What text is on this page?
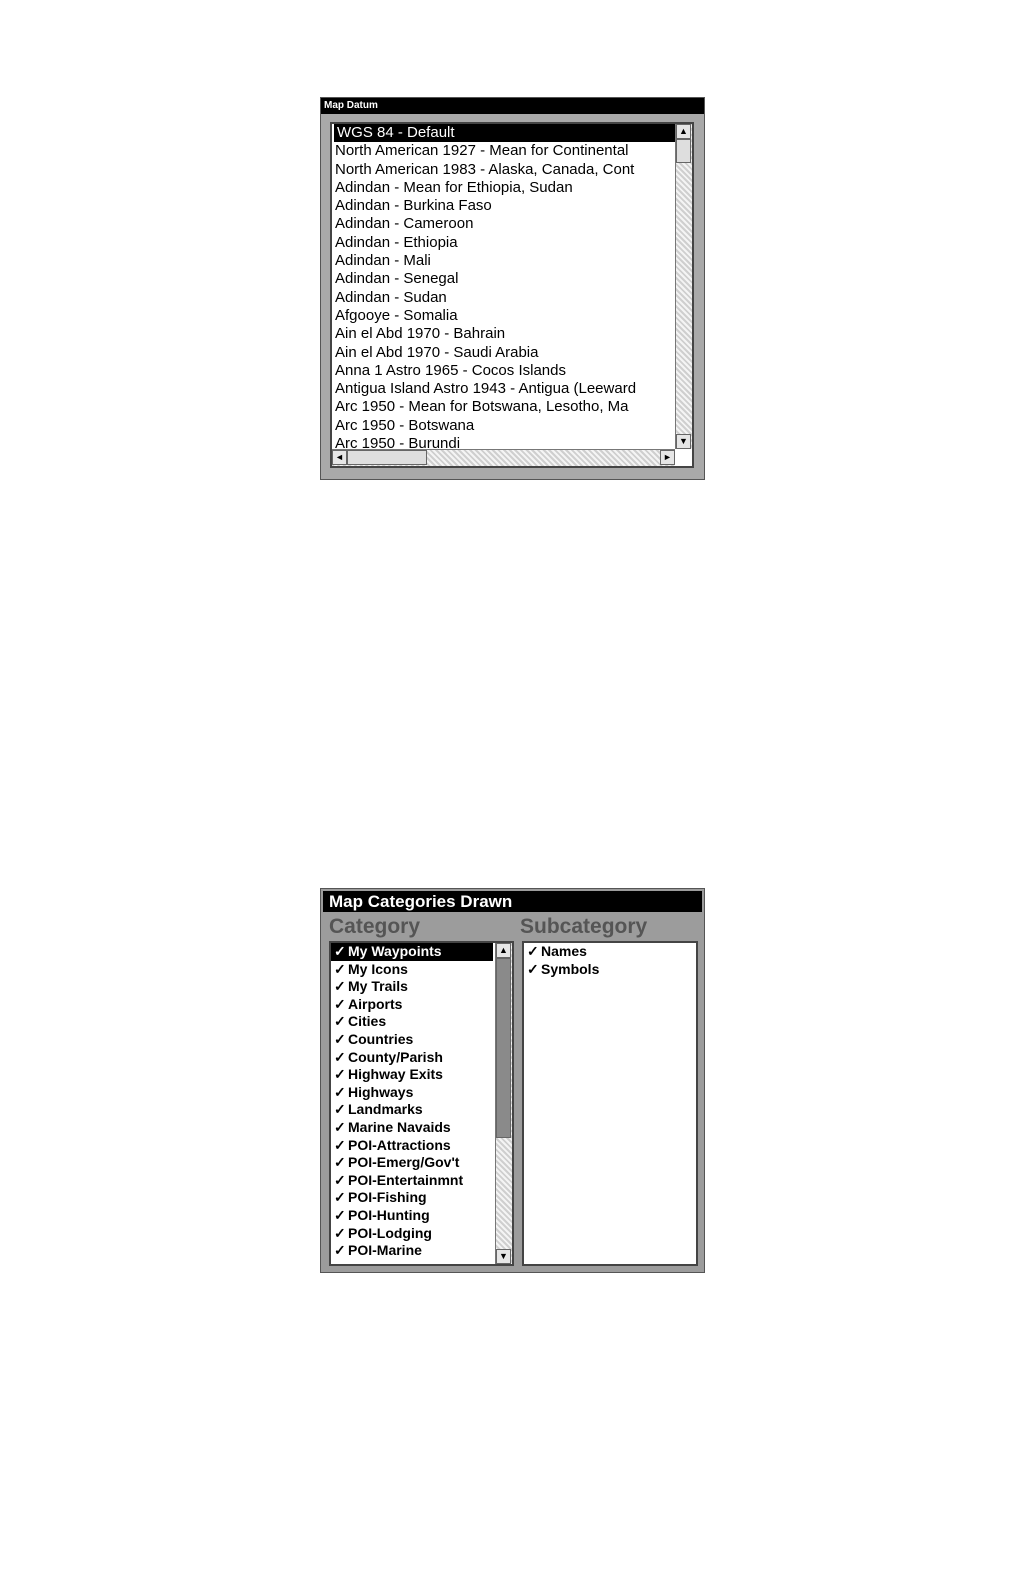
Map Datum
WGS 84 - Default
North American 1927 - Mean for Continental
North American 1983 - Alaska, Canada, Cont
Adindan - Mean for Ethiopia, Sudan
Adindan - Burkina Faso
Adindan - Cameroon
Adindan - Ethiopia
Adindan - Mali
Adindan - Senegal
Adindan - Sudan
Afgooye - Somalia
Ain el Abd 1970 - Bahrain
Ain el Abd 1970 - Saudi Arabia
Anna 1 Astro 1965 - Cocos Islands
Antigua Island Astro 1943 - Antigua (Leeward
Arc 1950 - Mean for Botswana, Lesotho, Ma
Arc 1950 - Botswana
Arc 1950 - Burundi
▲
▼
◄	►
Map Categories Drawn
Category	Subcategory
✓ My Waypoints
✓ My Icons
✓ My Trails
✓ Airports
✓ Cities
✓ Countries
✓ County/Parish
✓ Highway Exits
✓ Highways
✓ Landmarks
✓ Marine Navaids
✓ POI-Attractions
✓ POI-Emerg/Gov't
✓ POI-Entertainmnt
✓ POI-Fishing
✓ POI-Hunting
✓ POI-Lodging
✓ POI-Marine
▲
▼
✓ Names
✓ Symbols
